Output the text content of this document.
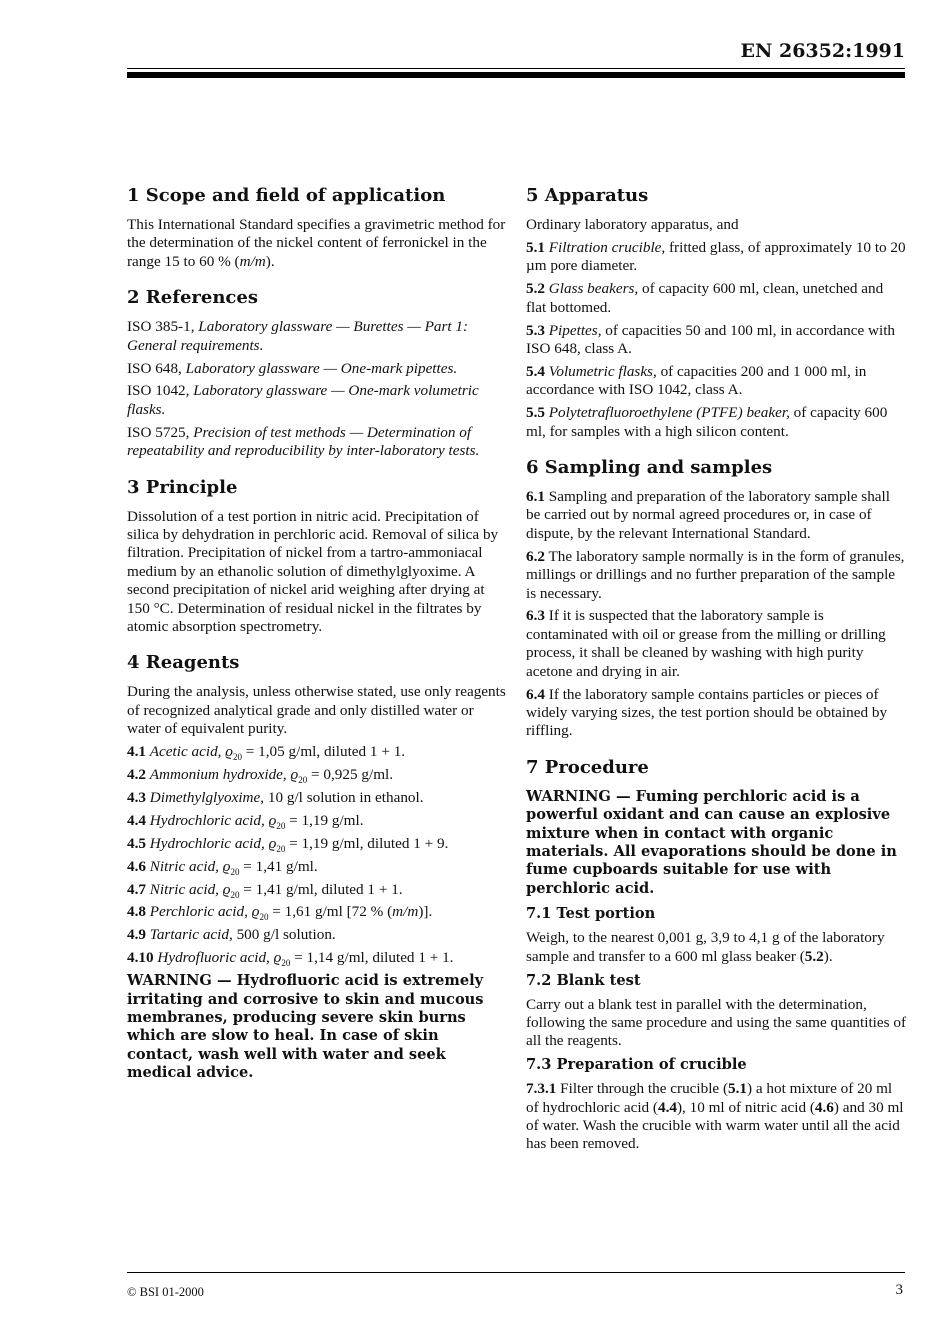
EN 26352:1991
1 Scope and field of application

This International Standard specifies a gravimetric method for the determination of the nickel content of ferronickel in the range 15 to 60 % (m/m).

2 References

ISO 385-1, Laboratory glassware — Burettes — Part 1: General requirements.

ISO 648, Laboratory glassware — One-mark pipettes.

ISO 1042, Laboratory glassware — One-mark volumetric flasks.

ISO 5725, Precision of test methods — Determination of repeatability and reproducibility by inter-laboratory tests.

3 Principle

Dissolution of a test portion in nitric acid. Precipitation of silica by dehydration in perchloric acid. Removal of silica by filtration. Precipitation of nickel from a tartro-ammoniacal medium by an ethanolic solution of dimethylglyoxime. A second precipitation of nickel arid weighing after drying at 150 °C. Determination of residual nickel in the filtrates by atomic absorption spectrometry.

4 Reagents

During the analysis, unless otherwise stated, use only reagents of recognized analytical grade and only distilled water or water of equivalent purity.

4.1 Acetic acid, $ϱ_{20} = 1,05$ g/ml, diluted 1 + 1.

4.2 Ammonium hydroxide, $ϱ_{20} = 0,925$ g/ml.

4.3 Dimethylglyoxime, 10 g/l solution in ethanol.

4.4 Hydrochloric acid, $ϱ_{20} = 1,19$ g/ml.

4.5 Hydrochloric acid, $ϱ_{20} = 1,19$ g/ml, diluted 1 + 9.

4.6 Nitric acid, $ϱ_{20} = 1,41$ g/ml.

4.7 Nitric acid, $ϱ_{20} = 1,41$ g/ml, diluted 1 + 1.

4.8 Perchloric acid, $ϱ_{20} = 1,61$ g/ml [72 % (m/m)].

4.9 Tartaric acid, 500 g/l solution.

4.10 Hydrofluoric acid, $ϱ_{20} = 1,14$ g/ml, diluted 1 + 1.

WARNING — Hydrofluoric acid is extremely irritating and corrosive to skin and mucous membranes, producing severe skin burns which are slow to heal. In case of skin contact, wash well with water and seek medical advice.

5 Apparatus

Ordinary laboratory apparatus, and

5.1 Filtration crucible, fritted glass, of approximately 10 to 20 µm pore diameter.

5.2 Glass beakers, of capacity 600 ml, clean, unetched and flat bottomed.

5.3 Pipettes, of capacities 50 and 100 ml, in accordance with ISO 648, class A.

5.4 Volumetric flasks, of capacities 200 and 1 000 ml, in accordance with ISO 1042, class A.

5.5 Polytetrafluoroethylene (PTFE) beaker, of capacity 600 ml, for samples with a high silicon content.

6 Sampling and samples

6.1 Sampling and preparation of the laboratory sample shall be carried out by normal agreed procedures or, in case of dispute, by the relevant International Standard.

6.2 The laboratory sample normally is in the form of granules, millings or drillings and no further preparation of the sample is necessary.

6.3 If it is suspected that the laboratory sample is contaminated with oil or grease from the milling or drilling process, it shall be cleaned by washing with high purity acetone and drying in air.

6.4 If the laboratory sample contains particles or pieces of widely varying sizes, the test portion should be obtained by riffling.

7 Procedure

WARNING — Fuming perchloric acid is a powerful oxidant and can cause an explosive mixture when in contact with organic materials. All evaporations should be done in fume cupboards suitable for use with perchloric acid.

7.1 Test portion

Weigh, to the nearest 0,001 g, 3,9 to 4,1 g of the laboratory sample and transfer to a 600 ml glass beaker (5.2).

7.2 Blank test

Carry out a blank test in parallel with the determination, following the same procedure and using the same quantities of all the reagents.

7.3 Preparation of crucible

7.3.1 Filter through the crucible (5.1) a hot mixture of 20 ml of hydrochloric acid (4.4), 10 ml of nitric acid (4.6) and 30 ml of water. Wash the crucible with warm water until all the acid has been removed.

© BSI 01-2000	3
